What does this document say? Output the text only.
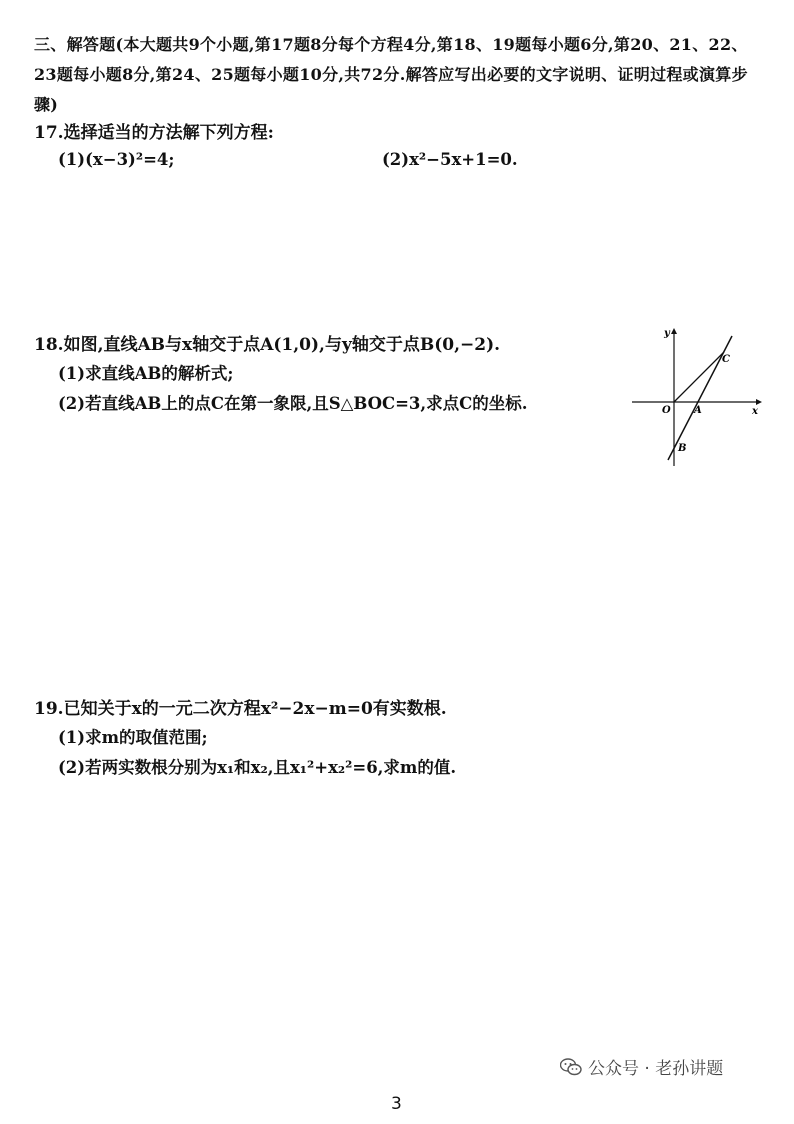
三、解答题(本大题共9个小题,第17题8分每个方程4分,第18、19题每小题6分,第20、21、22、23题每小题8分,第24、25题每小题10分,共72分.解答应写出必要的文字说明、证明过程或演算步骤)
17.选择适当的方法解下列方程:
(1)(x−3)²=4;	(2)x²−5x+1=0.
18.如图,直线AB与x轴交于点A(1,0),与y轴交于点B(0,−2).
(1)求直线AB的解析式;
(2)若直线AB上的点C在第一象限,且S△BOC=3,求点C的坐标.
y
x
O A
B
C
19.已知关于x的一元二次方程x²−2x−m=0有实数根.
(1)求m的取值范围;
(2)若两实数根分别为x₁和x₂,且x₁²+x₂²=6,求m的值.
公众号 · 老孙讲题
3
